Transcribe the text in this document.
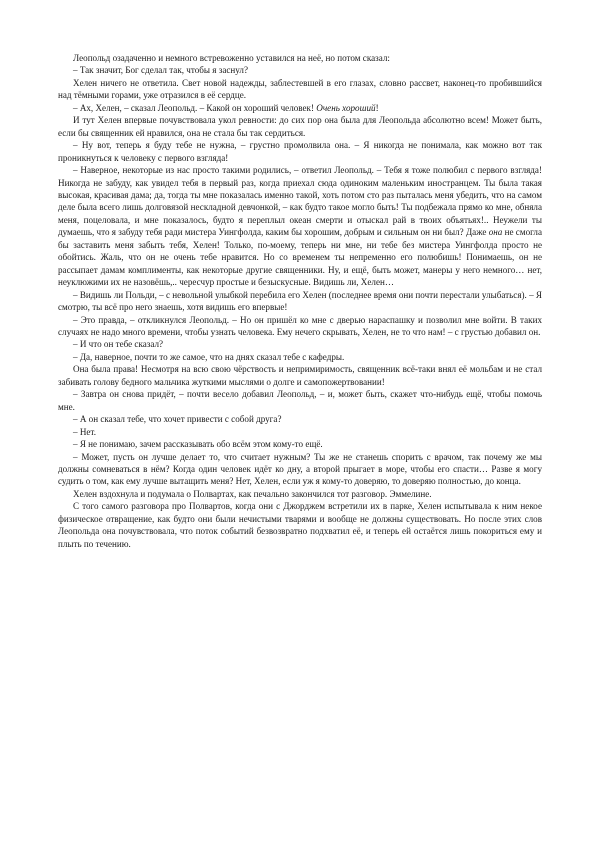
Леопольд озадаченно и немного встревоженно уставился на неё, но потом сказал:

– Так значит, Бог сделал так, чтобы я заснул?

Хелен ничего не ответила. Свет новой надежды, заблестевшей в его глазах, словно рассвет, наконец-то пробившийся над тёмными горами, уже отразился в её сердце.

– Ах, Хелен, – сказал Леопольд. – Какой он хороший человек! Очень хороший!

И тут Хелен впервые почувствовала укол ревности: до сих пор она была для Леопольда абсолютно всем! Может быть, если бы священник ей нравился, она не стала бы так сердиться.

– Ну вот, теперь я буду тебе не нужна, – грустно промолвила она. – Я никогда не понимала, как можно вот так проникнуться к человеку с первого взгляда!

– Наверное, некоторые из нас просто такими родились, – ответил Леопольд. – Тебя я тоже полюбил с первого взгляда! Никогда не забуду, как увидел тебя в первый раз, когда приехал сюда одиноким маленьким иностранцем. Ты была такая высокая, красивая дама; да, тогда ты мне показалась именно такой, хоть потом сто раз пыталась меня убедить, что на самом деле была всего лишь долговязой нескладной девчонкой, – как будто такое могло быть! Ты подбежала прямо ко мне, обняла меня, поцеловала, и мне показалось, будто я переплыл океан смерти и отыскал рай в твоих объятьях!.. Неужели ты думаешь, что я забуду тебя ради мистера Уингфолда, каким бы хорошим, добрым и сильным он ни был? Даже она не смогла бы заставить меня забыть тебя, Хелен! Только, по-моему, теперь ни мне, ни тебе без мистера Уингфолда просто не обойтись. Жаль, что он не очень тебе нравится. Но со временем ты непременно его полюбишь! Понимаешь, он не рассыпает дамам комплименты, как некоторые другие священники. Ну, и ещё, быть может, манеры у него немного… нет, неуклюжими их не назовёшь,.. чересчур простые и безыскусные. Видишь ли, Хелен…

– Видишь ли Польди, – с невольной улыбкой перебила его Хелен (последнее время они почти перестали улыбаться). – Я смотрю, ты всё про него знаешь, хотя видишь его впервые!

– Это правда, – откликнулся Леопольд. – Но он пришёл ко мне с дверью нараспашку и позволил мне войти. В таких случаях не надо много времени, чтобы узнать человека. Ему нечего скрывать, Хелен, не то что нам! – с грустью добавил он.

– И что он тебе сказал?

– Да, наверное, почти то же самое, что на днях сказал тебе с кафедры.

Она была права! Несмотря на всю свою чёрствость и непримиримость, священник всё-таки внял её мольбам и не стал забивать голову бедного мальчика жуткими мыслями о долге и самопожертвовании!

– Завтра он снова придёт, – почти весело добавил Леопольд, – и, может быть, скажет что-нибудь ещё, чтобы помочь мне.

– А он сказал тебе, что хочет привести с собой друга?

– Нет.

– Я не понимаю, зачем рассказывать обо всём этом кому-то ещё.

– Может, пусть он лучше делает то, что считает нужным? Ты же не станешь спорить с врачом, так почему же мы должны сомневаться в нём? Когда один человек идёт ко дну, а второй прыгает в море, чтобы его спасти… Разве я могу судить о том, как ему лучше вытащить меня? Нет, Хелен, если уж я кому-то доверяю, то доверяю полностью, до конца.

Хелен вздохнула и подумала о Полвартах, как печально закончился тот разговор. Эммелине.

С того самого разговора про Полвартов, когда они с Джорджем встретили их в парке, Хелен испытывала к ним некое физическое отвращение, как будто они были нечистыми тварями и вообще не должны существовать. Но после этих слов Леопольда она почувствовала, что поток событий безвозвратно подхватил её, и теперь ей остаётся лишь покориться ему и плыть по течению.
